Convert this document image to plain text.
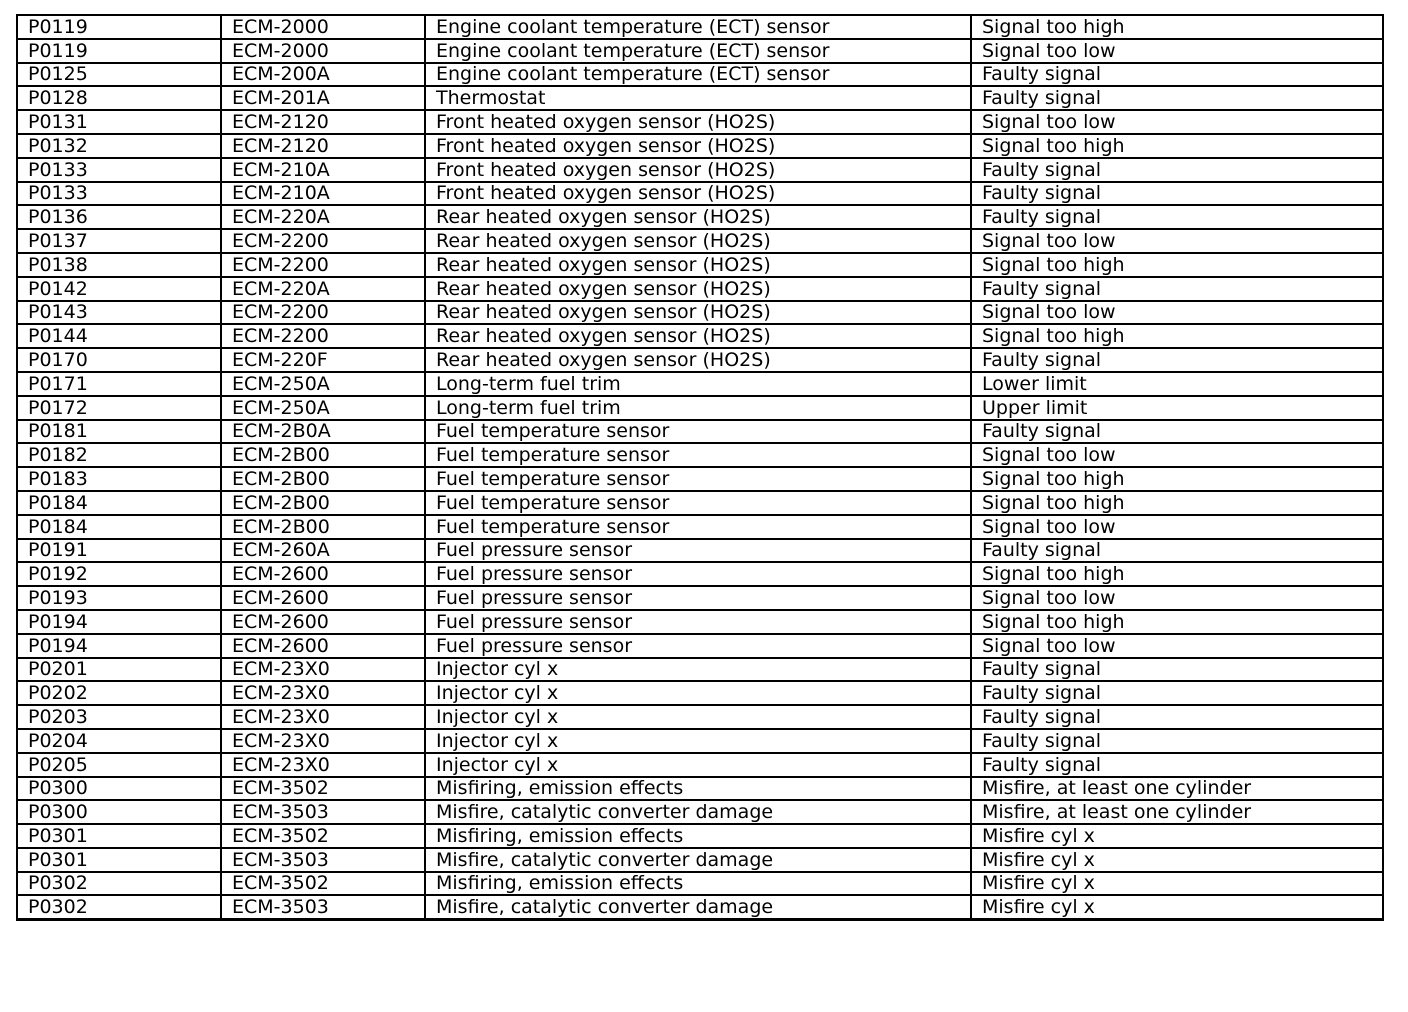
P0119	ECM-2000	Engine coolant temperature (ECT) sensor	Signal too high
P0119	ECM-2000	Engine coolant temperature (ECT) sensor	Signal too low
P0125	ECM-200A	Engine coolant temperature (ECT) sensor	Faulty signal
P0128	ECM-201A	Thermostat	Faulty signal
P0131	ECM-2120	Front heated oxygen sensor (HO2S)	Signal too low
P0132	ECM-2120	Front heated oxygen sensor (HO2S)	Signal too high
P0133	ECM-210A	Front heated oxygen sensor (HO2S)	Faulty signal
P0133	ECM-210A	Front heated oxygen sensor (HO2S)	Faulty signal
P0136	ECM-220A	Rear heated oxygen sensor (HO2S)	Faulty signal
P0137	ECM-2200	Rear heated oxygen sensor (HO2S)	Signal too low
P0138	ECM-2200	Rear heated oxygen sensor (HO2S)	Signal too high
P0142	ECM-220A	Rear heated oxygen sensor (HO2S)	Faulty signal
P0143	ECM-2200	Rear heated oxygen sensor (HO2S)	Signal too low
P0144	ECM-2200	Rear heated oxygen sensor (HO2S)	Signal too high
P0170	ECM-220F	Rear heated oxygen sensor (HO2S)	Faulty signal
P0171	ECM-250A	Long-term fuel trim	Lower limit
P0172	ECM-250A	Long-term fuel trim	Upper limit
P0181	ECM-2B0A	Fuel temperature sensor	Faulty signal
P0182	ECM-2B00	Fuel temperature sensor	Signal too low
P0183	ECM-2B00	Fuel temperature sensor	Signal too high
P0184	ECM-2B00	Fuel temperature sensor	Signal too high
P0184	ECM-2B00	Fuel temperature sensor	Signal too low
P0191	ECM-260A	Fuel pressure sensor	Faulty signal
P0192	ECM-2600	Fuel pressure sensor	Signal too high
P0193	ECM-2600	Fuel pressure sensor	Signal too low
P0194	ECM-2600	Fuel pressure sensor	Signal too high
P0194	ECM-2600	Fuel pressure sensor	Signal too low
P0201	ECM-23X0	Injector cyl x	Faulty signal
P0202	ECM-23X0	Injector cyl x	Faulty signal
P0203	ECM-23X0	Injector cyl x	Faulty signal
P0204	ECM-23X0	Injector cyl x	Faulty signal
P0205	ECM-23X0	Injector cyl x	Faulty signal
P0300	ECM-3502	Misfiring, emission effects	Misfire, at least one cylinder
P0300	ECM-3503	Misfire, catalytic converter damage	Misfire, at least one cylinder
P0301	ECM-3502	Misfiring, emission effects	Misfire cyl x
P0301	ECM-3503	Misfire, catalytic converter damage	Misfire cyl x
P0302	ECM-3502	Misfiring, emission effects	Misfire cyl x
P0302	ECM-3503	Misfire, catalytic converter damage	Misfire cyl x
